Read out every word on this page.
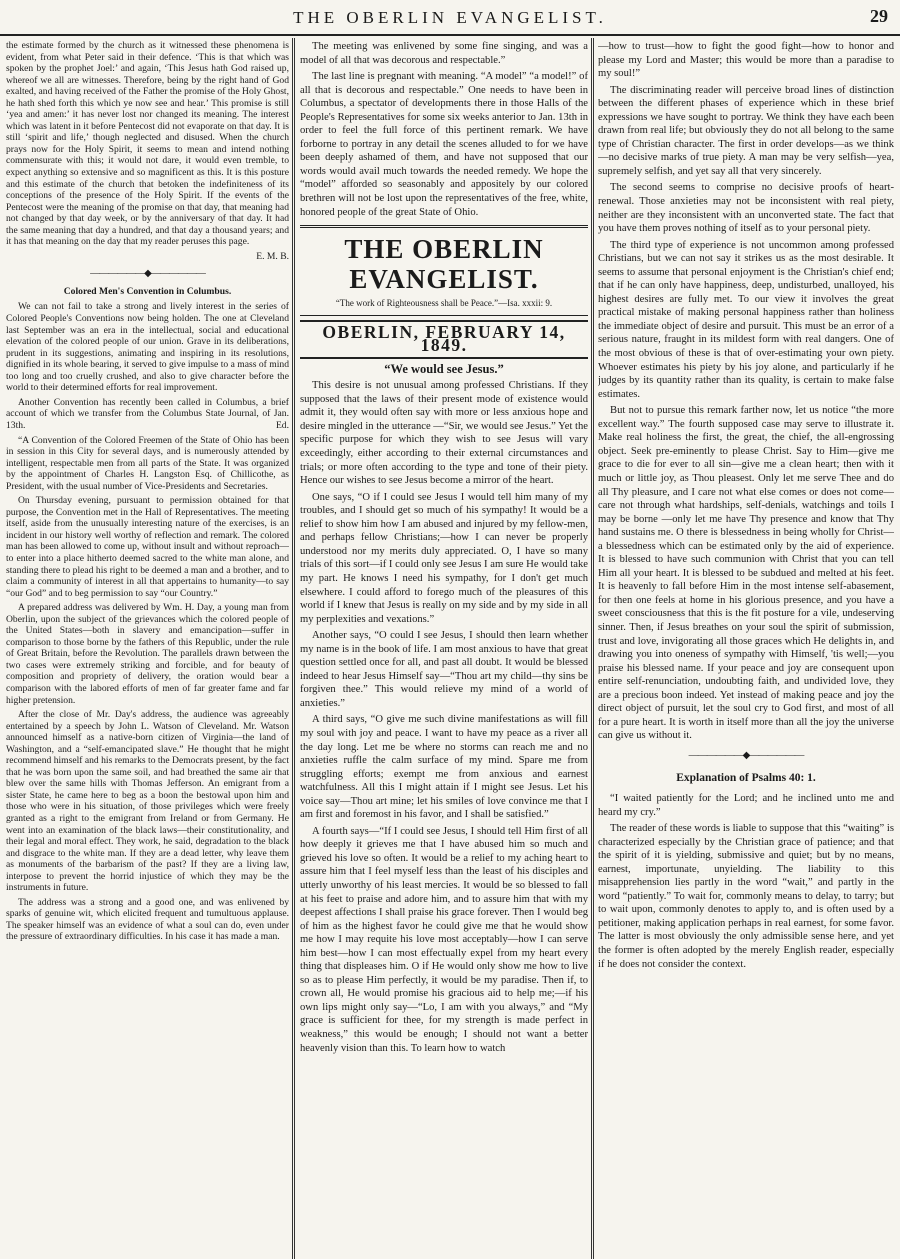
THE OBERLIN EVANGELIST.	29

the estimate formed by the church as it witnessed these phenomena is evident, from what Peter said in their defence. ‘This is that which was spoken by the prophet Joel:’ and again, ‘This Jesus hath God raised up, whereof we all are witnesses. Therefore, being by the right hand of God exalted, and having received of the Father the promise of the Holy Ghost, he hath shed forth this which ye now see and hear.’ This promise is still ‘yea and amen:’ it has never lost nor changed its meaning. The interest which was latent in it before Pentecost did not evaporate on that day. It is still ‘spirit and life,’ though neglected and disused. When the church prays now for the Holy Spirit, it seems to mean and intend nothing commensurate with this; it would not dare, it would even tremble, to expect anything so extensive and so magnificent as this. It is this posture and this estimate of the church that betoken the indefiniteness of its conceptions of the presence of the Holy Spirit. If the events of the Pentecost were the meaning of the promise on that day, that meaning had not changed by that day week, or by the anniversary of that day. It had the same meaning that day a hundred, and that day a thousand years; and it has that meaning on the day that my reader peruses this page.

E. M. B.

——————◆——————

Colored Men's Convention in Columbus.

We can not fail to take a strong and lively interest in the series of Colored People's Conventions now being holden. The one at Cleveland last September was an era in the intellectual, social and educational elevation of the colored people of our union. Grave in its deliberations, prudent in its suggestions, animating and inspiring in its resolutions, dignified in its whole bearing, it served to give impulse to a mass of mind too long and too cruelly crushed, and also to give character before the world to their determined efforts for real improvement.

Another Convention has recently been called in Columbus, a brief account of which we transfer from the Columbus State Journal, of Jan. 13th.	Ed.

“A Convention of the Colored Freemen of the State of Ohio has been in session in this City for several days, and is numerously attended by intelligent, respectable men from all parts of the State. It was organized by the appointment of Charles H. Langston Esq. of Chillicothe, as President, with the usual number of Vice-Presidents and Secretaries.

On Thursday evening, pursuant to permission obtained for that purpose, the Convention met in the Hall of Representatives. The meeting itself, aside from the unusually interesting nature of the exercises, is an incident in our history well worthy of reflection and remark. The colored man has been allowed to come up, without insult and without reproach—to enter into a place hitherto deemed sacred to the white man alone, and standing there to plead his right to be deemed a man and a brother, and to claim a community of interest in all that appertains to humanity—to say “our God” and to beg permission to say “our Country.”

A prepared address was delivered by Wm. H. Day, a young man from Oberlin, upon the subject of the grievances which the colored people of the United States—both in slavery and emancipation—suffer in comparison to those borne by the fathers of this Republic, under the rule of Great Britain, before the Revolution. The parallels drawn between the two cases were extremely striking and forcible, and for beauty of composition and propriety of delivery, the oration would bear a comparison with the labored efforts of men of far greater fame and far higher pretension.

After the close of Mr. Day's address, the audience was agreeably entertained by a speech by John L. Watson of Cleveland. Mr. Watson announced himself as a native-born citizen of Virginia—the land of Washington, and a “self-emancipated slave.” He thought that he might recommend himself and his remarks to the Democrats present, by the fact that he was born upon the same soil, and had breathed the same air that blew over the same hills with Thomas Jefferson. An emigrant from a sister State, he came here to beg as a boon the bestowal upon him and those who were in his situation, of those privileges which were freely granted as a right to the emigrant from Ireland or from Germany. He went into an examination of the black laws—their constitutionality, and their legal and moral effect. They work, he said, degradation to the black and disgrace to the white man. If they are a dead letter, why leave them as monuments of the barbarism of the past? If they are a living law, interpose to prevent the horrid injustice of which they may be the instruments in future.

The address was a strong and a good one, and was enlivened by sparks of genuine wit, which elicited frequent and tumultuous applause. The speaker himself was an evidence of what a soul can do, even under the pressure of extraordinary difficulties. In his case it has made a man.

The meeting was enlivened by some fine singing, and was a model of all that was decorous and respectable.”

The last line is pregnant with meaning. “A model” “a model!” of all that is decorous and respectable.” One needs to have been in Columbus, a spectator of developments there in those Halls of the People's Representatives for some six weeks anterior to Jan. 13th in order to feel the full force of this pertinent remark. We have forborne to portray in any detail the scenes alluded to for we have been deeply ashamed of them, and have not supposed that our words would avail much towards the needed remedy. We hope the “model” afforded so seasonably and appositely by our colored brethren will not be lost upon the representatives of the free, white, honored people of the great State of Ohio.

THE OBERLIN EVANGELIST.
“The work of Righteousness shall be Peace.”—Isa. xxxii: 9.
OBERLIN, FEBRUARY 14, 1849.
“We would see Jesus.”

This desire is not unusual among professed Christians. If they supposed that the laws of their present mode of existence would admit it, they would often say with more or less anxious hope and desire mingled in the utterance —“Sir, we would see Jesus.” Yet the specific purpose for which they wish to see Jesus will vary exceedingly, either according to their external circumstances and trials; or more often according to the type and tone of their piety. Hence our wishes to see Jesus become a mirror of the heart.

One says, “O if I could see Jesus I would tell him many of my troubles, and I should get so much of his sympathy! It would be a relief to show him how I am abused and injured by my fellow-men, and perhaps fellow Christians;—how I can never be properly understood nor my merits duly appreciated. O, I have so many trials of this sort—if I could only see Jesus I am sure He would take my part. He knows I need his sympathy, for I don't get much elsewhere. I could afford to forego much of the pleasures of this world if I knew that Jesus is really on my side and by my side in all my perplexities and vexations.”

Another says, “O could I see Jesus, I should then learn whether my name is in the book of life. I am most anxious to have that great question settled once for all, and past all doubt. It would be blessed indeed to hear Jesus Himself say—“Thou art my child—thy sins be forgiven thee.” This would relieve my mind of a world of anxieties.”

A third says, “O give me such divine manifestations as will fill my soul with joy and peace. I want to have my peace as a river all the day long. Let me be where no storms can reach me and no anxieties ruffle the calm surface of my mind. Spare me from struggling efforts; exempt me from anxious and earnest watchfulness. All this I might attain if I might see Jesus. Let his voice say—Thou art mine; let his smiles of love convince me that I am first and foremost in his favor, and I shall be satisfied.”

A fourth says—“If I could see Jesus, I should tell Him first of all how deeply it grieves me that I have abused him so much and grieved his love so often. It would be a relief to my aching heart to assure him that I feel myself less than the least of his disciples and utterly unworthy of his least mercies. It would be so blessed to fall at his feet to praise and adore him, and to assure him that with my deepest affections I shall praise his grace forever. Then I would beg of him as the highest favor he could give me that he would show me how I may requite his love most acceptably—how I can serve him best—how I can most effectually expel from my heart every thing that displeases him. O if He would only show me how to live so as to please Him perfectly, it would be my paradise. Then if, to crown all, He would promise his gracious aid to help me;—if his own lips might only say—“Lo, I am with you always,” and “My grace is sufficient for thee, for my strength is made perfect in weakness,” this would be enough; I should not want a better heavenly vision than this. To learn how to watch

—how to trust—how to fight the good fight—how to honor and please my Lord and Master; this would be more than a paradise to my soul!”

The discriminating reader will perceive broad lines of distinction between the different phases of experience which in these brief expressions we have sought to portray. We think they have each been drawn from real life; but obviously they do not all belong to the same type of Christian character. The first in order develops—as we think—no decisive marks of true piety. A man may be very selfish—yea, supremely selfish, and yet say all that very sincerely.

The second seems to comprise no decisive proofs of heart-renewal. Those anxieties may not be inconsistent with real piety, neither are they inconsistent with an unconverted state. The fact that you have them proves nothing of itself as to your personal piety.

The third type of experience is not uncommon among professed Christians, but we can not say it strikes us as the most desirable. It seems to assume that personal enjoyment is the Christian's chief end; that if he can only have happiness, deep, undisturbed, unalloyed, his highest desires are fully met. To our view it involves the great practical mistake of making personal happiness rather than holiness the immediate object of desire and pursuit. This must be an error of a serious nature, fraught in its mildest form with real dangers. One of the most obvious of these is that of over-estimating your own piety. Whoever estimates his piety by his joy alone, and particularly if he judges by its quantity rather than its quality, is certain to make false estimates.

But not to pursue this remark farther now, let us notice “the more excellent way.” The fourth supposed case may serve to illustrate it. Make real holiness the first, the great, the chief, the all-engrossing object. Seek pre-eminently to please Christ. Say to Him—give me grace to die for ever to all sin—give me a clean heart; then with it much or little joy, as Thou pleasest. Only let me serve Thee and do all Thy pleasure, and I care not what else comes or does not come—care not through what hardships, self-denials, watchings and toils I may be borne —only let me have Thy presence and know that Thy hand sustains me. O there is blessedness in being wholly for Christ—a blessedness which can be estimated only by the aid of experience. It is blessed to have such communion with Christ that you can tell Him all your heart. It is blessed to be subdued and melted at his feet. It is heavenly to fall before Him in the most intense self-abasement, for then one feels at home in his glorious presence, and you have a sweet consciousness that this is the fit posture for a vile, undeserving sinner. Then, if Jesus breathes on your soul the spirit of submission, trust and love, invigorating all those graces which He delights in, and drawing you into oneness of sympathy with Himself, 'tis well;—you praise his blessed name. If your peace and joy are consequent upon entire self-renunciation, undoubting faith, and undivided love, they are a precious boon indeed. Yet instead of making peace and joy the direct object of pursuit, let the soul cry to God first, and most of all for a pure heart. It is worth in itself more than all the joy the universe can give us without it.

——————◆——————

Explanation of Psalms 40: 1.

“I waited patiently for the Lord; and he inclined unto me and heard my cry.”

The reader of these words is liable to suppose that this “waiting” is characterized especially by the Christian grace of patience; and that the spirit of it is yielding, submissive and quiet; but by no means, earnest, importunate, unyielding. The liability to this misapprehension lies partly in the word “wait,” and partly in the word “patiently.” To wait for, commonly means to delay, to tarry; but to wait upon, commonly denotes to apply to, and is often used by a petitioner, making application perhaps in real earnest, for some favor. The latter is most obviously the only admissible sense here, and yet the former is often adopted by the merely English reader, especially if he does not consider the context.
